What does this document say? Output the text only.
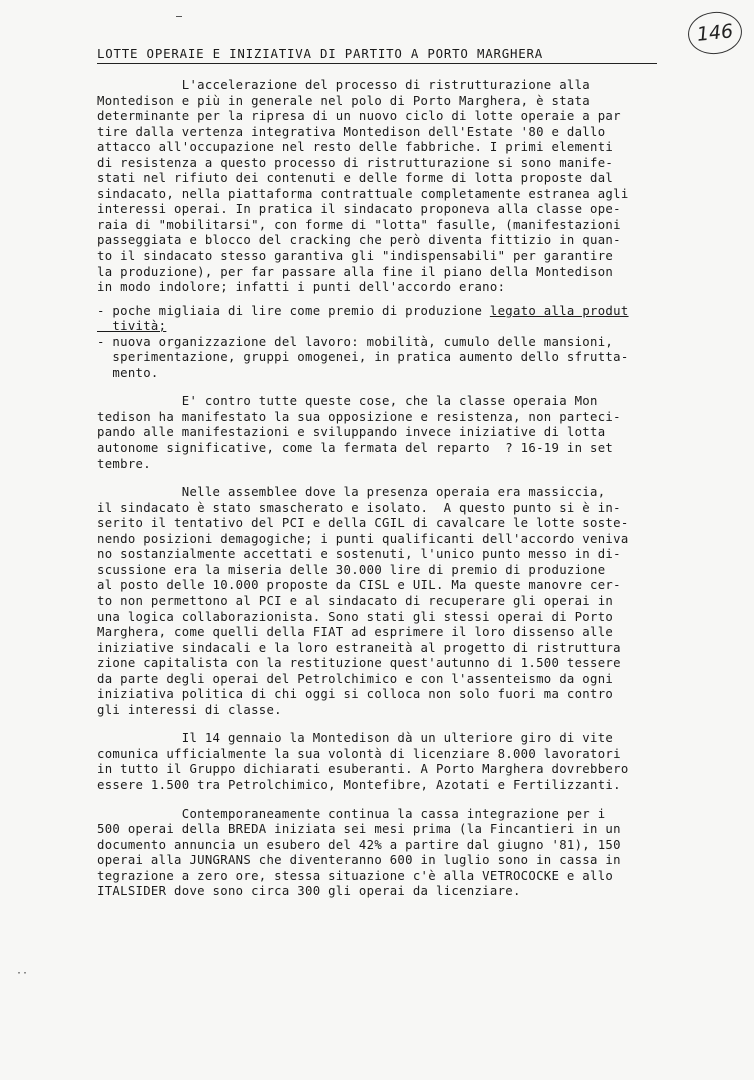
146
LOTTE OPERAIE E INIZIATIVA DI PARTITO A PORTO MARGHERA
L'accelerazione del processo di ristrutturazione alla
Montedison e più in generale nel polo di Porto Marghera, è stata
determinante per la ripresa di un nuovo ciclo di lotte operaie a par
tire dalla vertenza integrativa Montedison dell'Estate '80 e dallo
attacco all'occupazione nel resto delle fabbriche. I primi elementi
di resistenza a questo processo di ristrutturazione si sono manife-
stati nel rifiuto dei contenuti e delle forme di lotta proposte dal
sindacato, nella piattaforma contrattuale completamente estranea agli
interessi operai. In pratica il sindacato proponeva alla classe ope-
raia di "mobilitarsi", con forme di "lotta" fasulle, (manifestazioni
passeggiata e blocco del cracking che però diventa fittizio in quan-
to il sindacato stesso garantiva gli "indispensabili" per garantire
la produzione), per far passare alla fine il piano della Montedison
in modo indolore; infatti i punti dell'accordo erano:
- poche migliaia di lire come premio di produzione legato alla produt
tività;
- nuova organizzazione del lavoro: mobilità, cumulo delle mansioni,
sperimentazione, gruppi omogenei, in pratica aumento dello sfrutta-
mento.
E' contro tutte queste cose, che la classe operaia Mon
tedison ha manifestato la sua opposizione e resistenza, non parteci-
pando alle manifestazioni e sviluppando invece iniziative di lotta
autonome significative, come la fermata del reparto  ? 16-19 in set
tembre.
Nelle assemblee dove la presenza operaia era massiccia,
il sindacato è stato smascherato e isolato.  A questo punto si è in-
serito il tentativo del PCI e della CGIL di cavalcare le lotte soste-
nendo posizioni demagogiche; i punti qualificanti dell'accordo veniva
no sostanzialmente accettati e sostenuti, l'unico punto messo in di-
scussione era la miseria delle 30.000 lire di premio di produzione
al posto delle 10.000 proposte da CISL e UIL. Ma queste manovre cer-
to non permettono al PCI e al sindacato di recuperare gli operai in
una logica collaborazionista. Sono stati gli stessi operai di Porto
Marghera, come quelli della FIAT ad esprimere il loro dissenso alle
iniziative sindacali e la loro estraneità al progetto di ristruttura
zione capitalista con la restituzione quest'autunno di 1.500 tessere
da parte degli operai del Petrolchimico e con l'assenteismo da ogni
iniziativa politica di chi oggi si colloca non solo fuori ma contro
gli interessi di classe.
Il 14 gennaio la Montedison dà un ulteriore giro di vite
comunica ufficialmente la sua volontà di licenziare 8.000 lavoratori
in tutto il Gruppo dichiarati esuberanti. A Porto Marghera dovrebbero
essere 1.500 tra Petrolchimico, Montefibre, Azotati e Fertilizzanti.
Contemporaneamente continua la cassa integrazione per i
500 operai della BREDA iniziata sei mesi prima (la Fincantieri in un
documento annuncia un esubero del 42% a partire dal giugno '81), 150
operai alla JUNGRANS che diventeranno 600 in luglio sono in cassa in
tegrazione a zero ore, stessa situazione c'è alla VETROCOCKE e allo
ITALSIDER dove sono circa 300 gli operai da licenziare.
··
